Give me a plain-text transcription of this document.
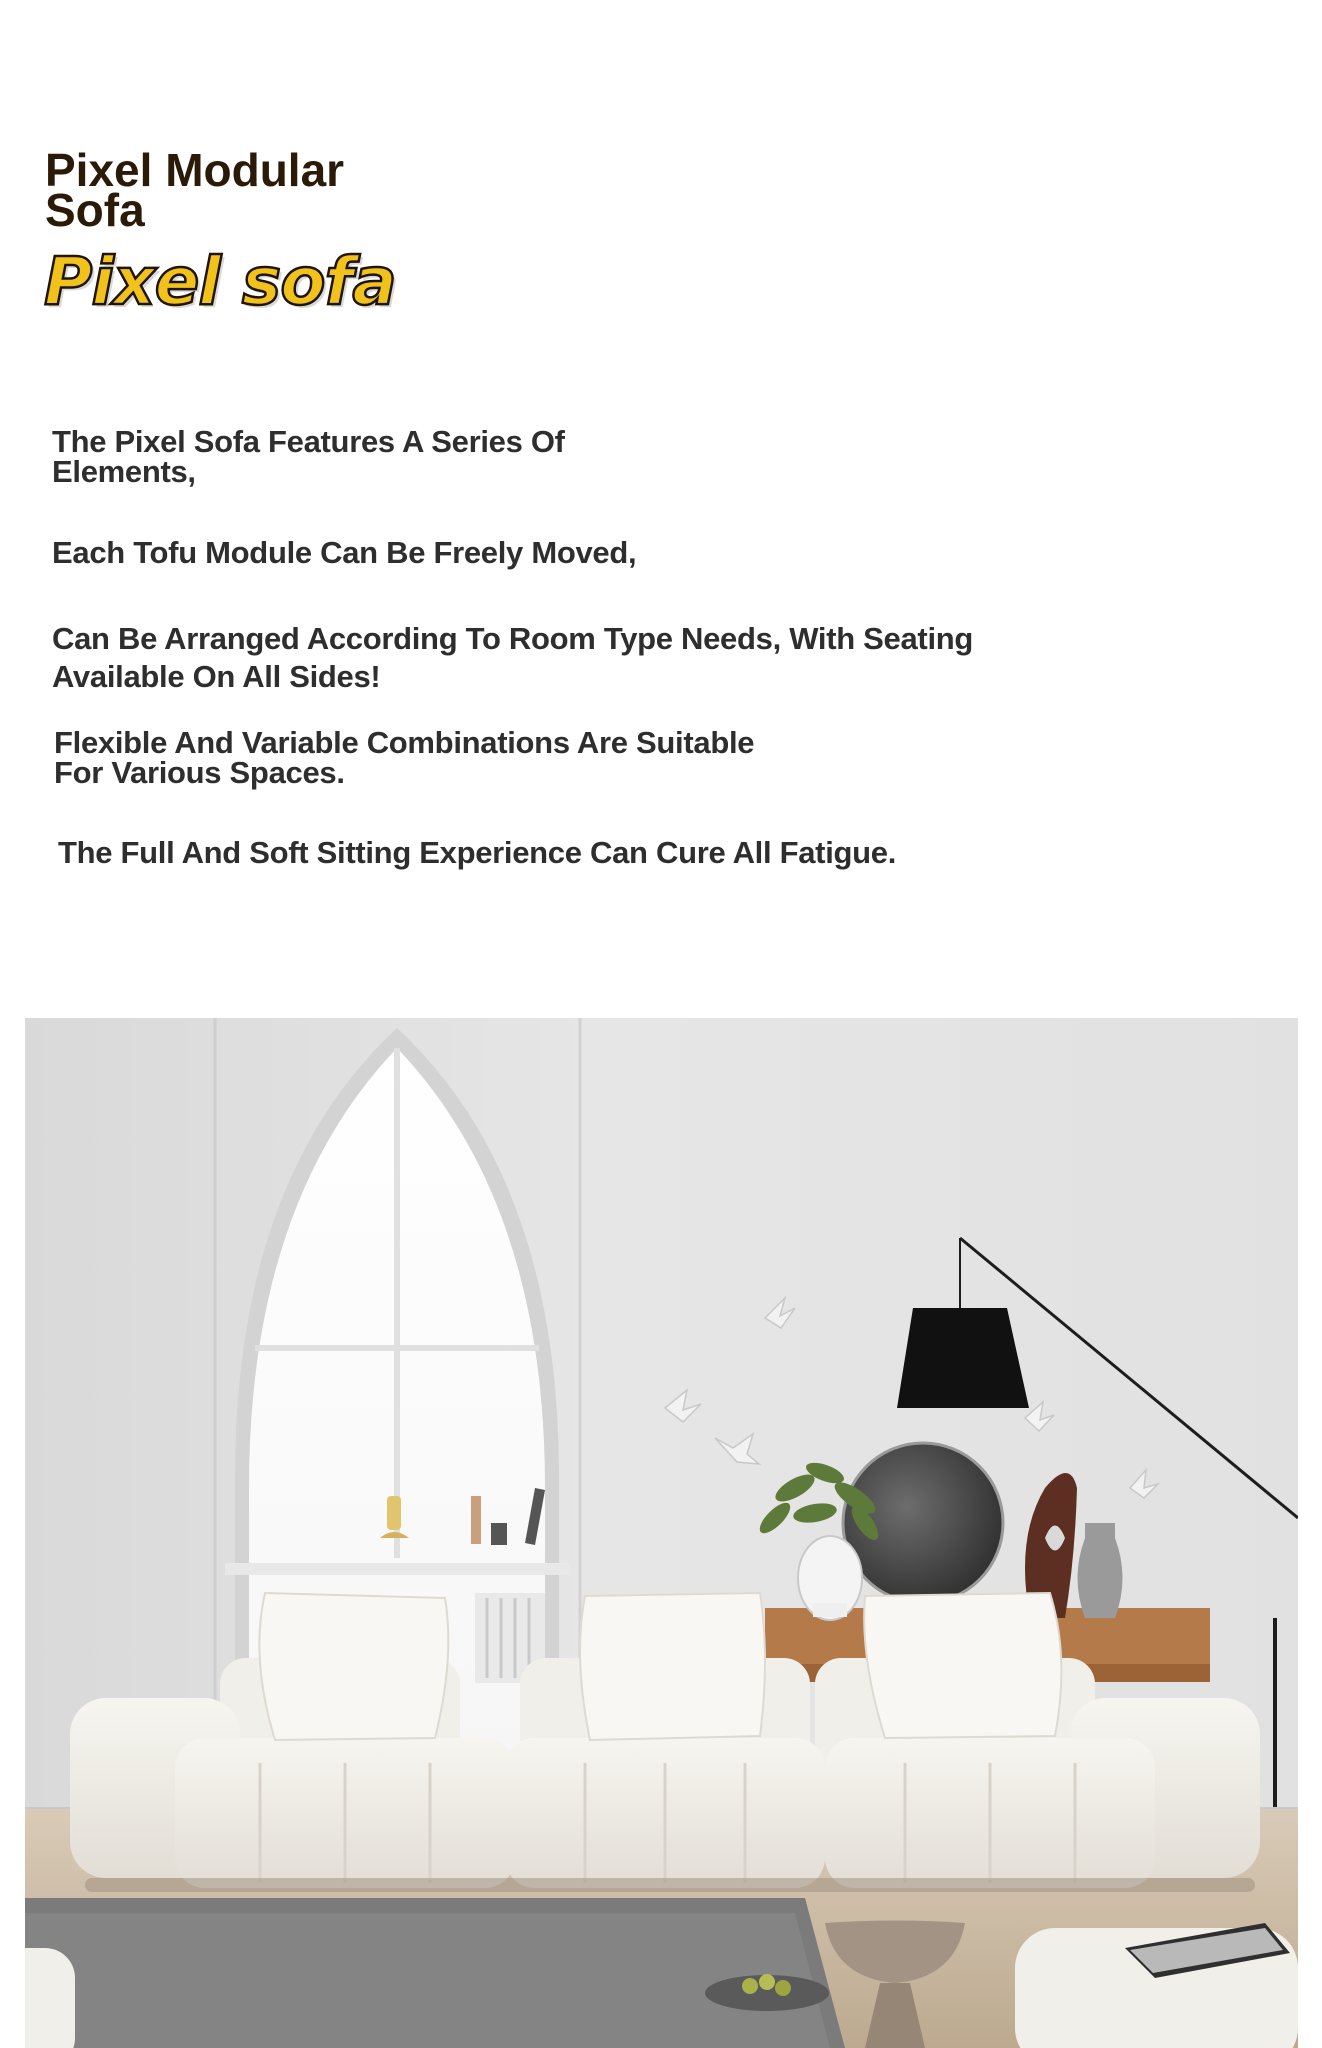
Pixel Modular
Sofa
Pixel sofa

The Pixel Sofa Features A Series Of
Elements,

Each Tofu Module Can Be Freely Moved,

Can Be Arranged According To Room Type Needs, With Seating
Available On All Sides!

Flexible And Variable Combinations Are Suitable
For Various Spaces.

The Full And Soft Sitting Experience Can Cure All Fatigue.
